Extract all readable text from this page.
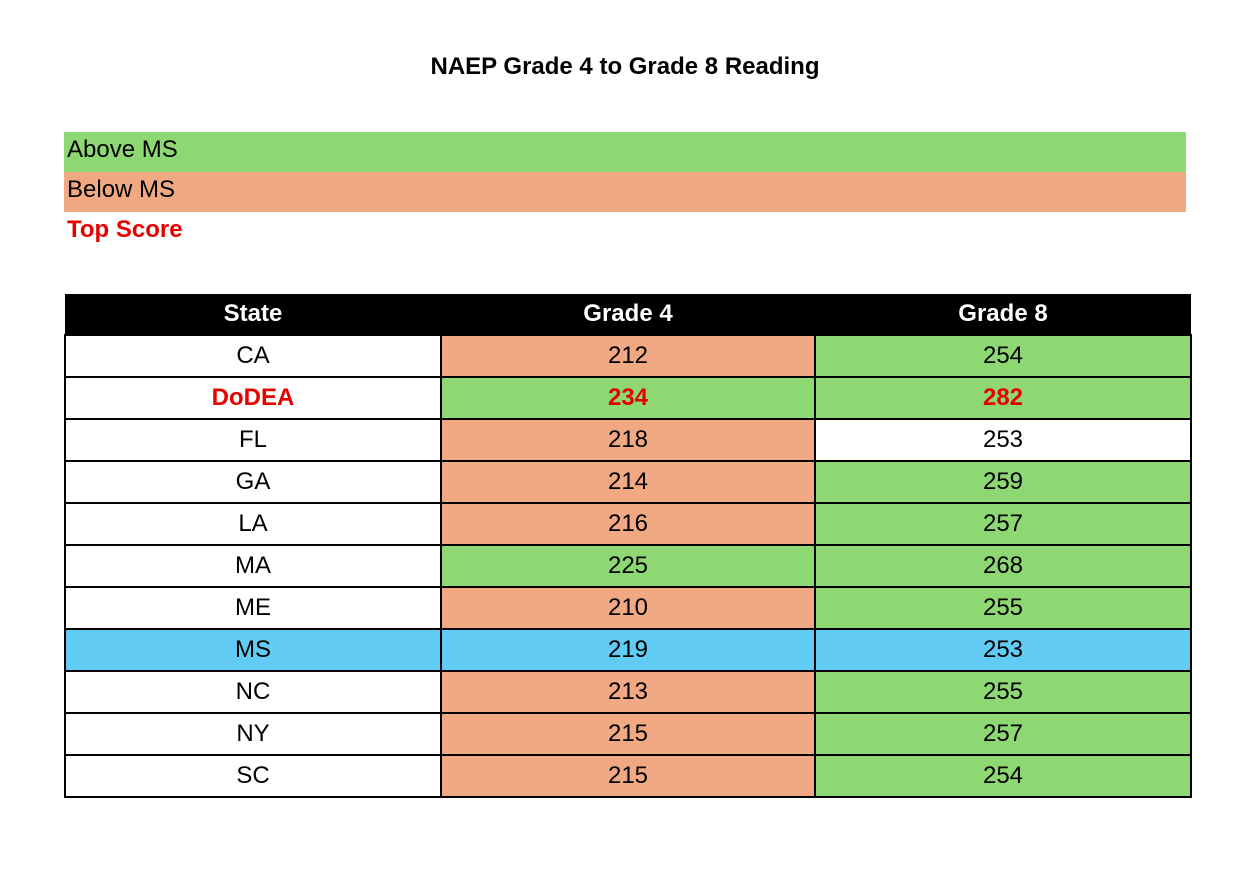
NAEP Grade 4 to Grade 8 Reading
Above MS
Below MS
Top Score
State	Grade 4	Grade 8
CA	212	254
DoDEA	234	282
FL	218	253
GA	214	259
LA	216	257
MA	225	268
ME	210	255
MS	219	253
NC	213	255
NY	215	257
SC	215	254
